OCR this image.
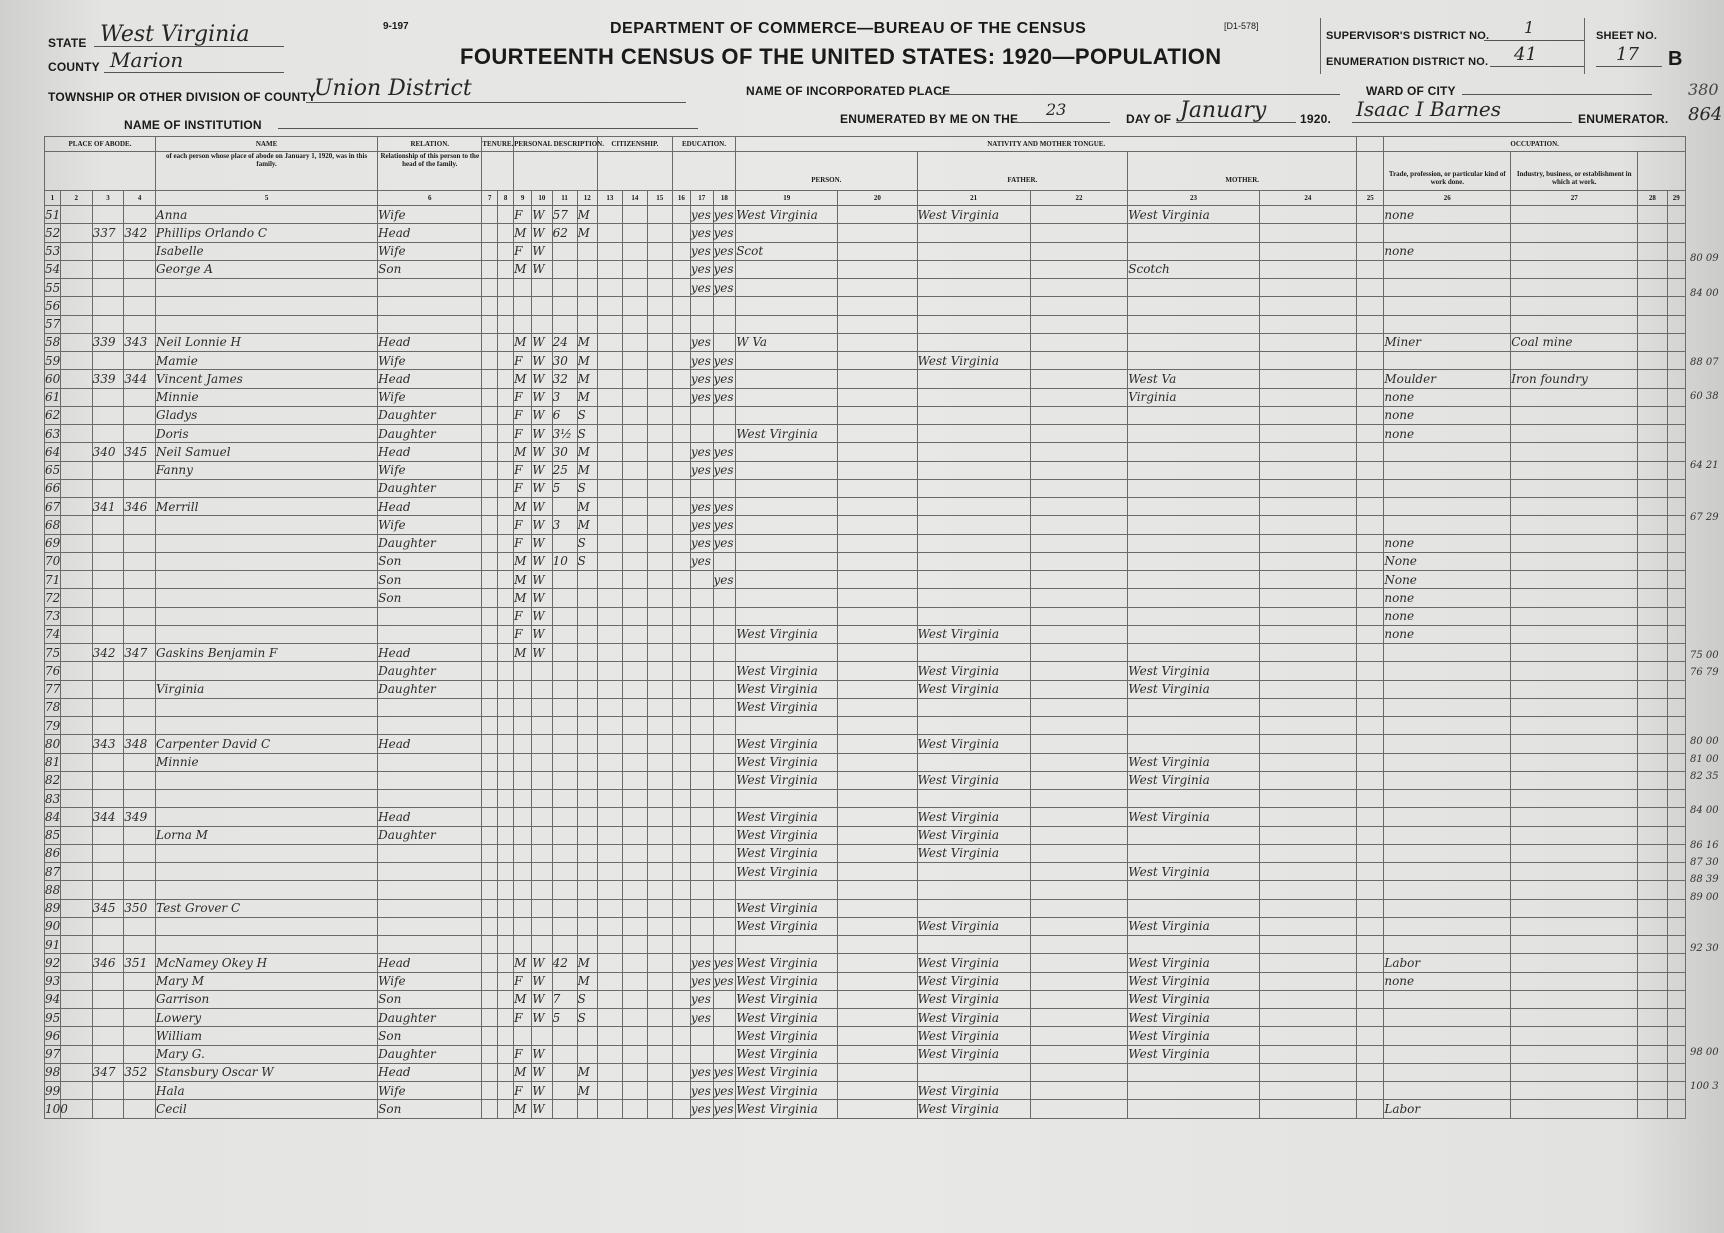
STATE West Virginia
COUNTY Marion
TOWNSHIP OR OTHER DIVISION OF COUNTY
Union District
NAME OF INSTITUTION
9-197	DEPARTMENT OF COMMERCE—BUREAU OF THE CENSUS
FOURTEENTH CENSUS OF THE UNITED STATES: 1920—POPULATION
[D1-578]
NAME OF INCORPORATED PLACE	WARD OF CITY
ENUMERATED BY ME ON THE 23	DAY OF January	1920. Isaac I Barnes	ENUMERATOR.
SUPERVISOR'S DISTRICT NO. 1
ENUMERATION DISTRICT NO. 41
SHEET NO.
17 B
380
864
PLACE OF ABODE.				NAME	RELATION.	TENURE.		PERSONAL DESCRIPTION.				CITIZENSHIP.			EDUCATION.			NATIVITY AND MOTHER TONGUE.							OCCUPATION.			
				of each person whose place of abode on January 1, 1920, was in this family.	Relationship of this person to the head of the family.													PERSON.		FATHER.		MOTHER.			Trade, profession, or particular kind of work done.	Industry, business, or establishment in which at work.		
1	2	3	4	5	6	7	8	9	10	11	12	13	14	15	16	17	18	19	20	21	22	23	24	25	26	27	28	29
51				Anna	Wife			F	W	57	M					yes	yes	West Virginia		West Virginia		West Virginia			none			
52		337	342	Phillips Orlando C	Head			M	W	62	M					yes	yes											
53				Isabelle	Wife			F	W							yes	yes	Scot							none			
54				George A	Son			M	W							yes	yes					Scotch						
55																yes	yes											
56																												
57																												
58		339	343	Neil Lonnie H	Head			M	W	24	M					yes		W Va							Miner	Coal mine		
59				Mamie	Wife			F	W	30	M					yes	yes			West Virginia								
60		339	344	Vincent James	Head			M	W	32	M					yes	yes					West Va			Moulder	Iron foundry		
61				Minnie	Wife			F	W	3	M					yes	yes					Virginia			none			
62				Gladys	Daughter			F	W	6	S														none			
63				Doris	Daughter			F	W	3½	S							West Virginia							none			
64		340	345	Neil Samuel	Head			M	W	30	M					yes	yes											
65				Fanny	Wife			F	W	25	M					yes	yes											
66					Daughter			F	W	5	S																	
67		341	346	Merrill	Head			M	W		M					yes	yes											
68					Wife			F	W	3	M					yes	yes											
69					Daughter			F	W		S					yes	yes								none			
70					Son			M	W	10	S					yes									None			
71					Son			M	W								yes								None			
72					Son			M	W																none			
73								F	W																none			
74								F	W									West Virginia		West Virginia					none			
75		342	347	Gaskins Benjamin F	Head			M	W																			
76					Daughter													West Virginia		West Virginia		West Virginia						
77				Virginia	Daughter													West Virginia		West Virginia		West Virginia						
78																		West Virginia										
79																												
80		343	348	Carpenter David C	Head													West Virginia		West Virginia								
81				Minnie														West Virginia				West Virginia						
82																		West Virginia		West Virginia		West Virginia						
83																												
84		344	349		Head													West Virginia		West Virginia		West Virginia						
85				Lorna M	Daughter													West Virginia		West Virginia								
86																		West Virginia		West Virginia								
87																		West Virginia				West Virginia						
88																												
89		345	350	Test Grover C														West Virginia										
90																		West Virginia		West Virginia		West Virginia						
91																												
92		346	351	McNamey Okey H	Head			M	W	42	M					yes	yes	West Virginia		West Virginia		West Virginia			Labor			
93				Mary M	Wife			F	W		M					yes	yes	West Virginia		West Virginia		West Virginia			none			
94				Garrison	Son			M	W	7	S					yes		West Virginia		West Virginia		West Virginia						
95				Lowery	Daughter			F	W	5	S					yes		West Virginia		West Virginia		West Virginia						
96				William	Son													West Virginia		West Virginia		West Virginia						
97				Mary G.	Daughter			F	W									West Virginia		West Virginia		West Virginia						
98		347	352	Stansbury Oscar W	Head			M	W		M					yes	yes	West Virginia										
99				Hala	Wife			F	W		M					yes	yes	West Virginia		West Virginia								
100				Cecil	Son			M	W							yes	yes	West Virginia		West Virginia					Labor			
80 09
84 00
88 07
60 38
64 21
67 29
75 00
76 79
80 00
81 00
82 35
84 00
86 16
87 30
88 39
89 00
92 30
98 00
100 3
